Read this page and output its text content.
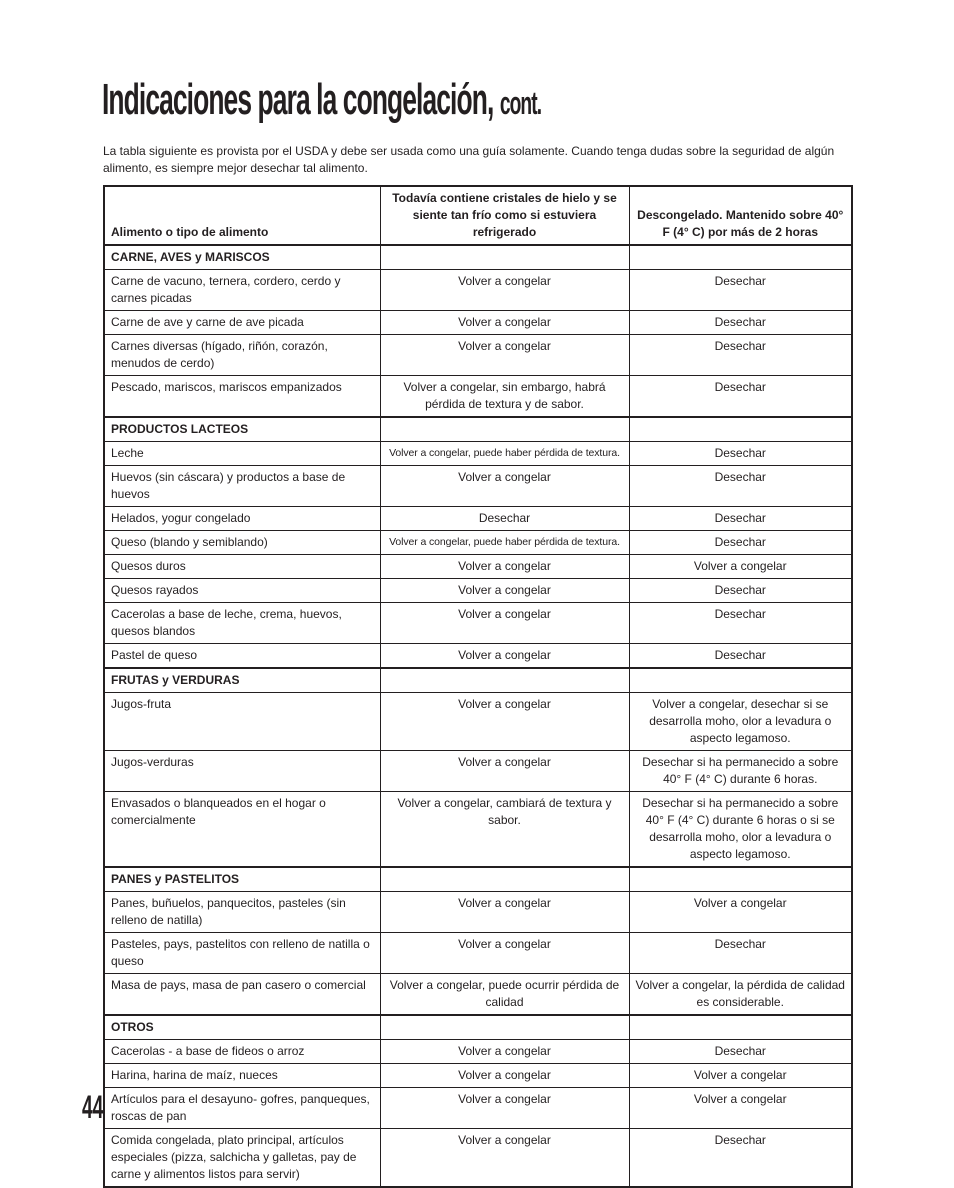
Indicaciones para la congelación, cont.

La tabla siguiente es provista por el USDA y debe ser usada como una guía solamente. Cuando tenga dudas sobre la seguridad de algún alimento, es siempre mejor desechar tal alimento.

Alimento o tipo de alimento	Todavía contiene cristales de hielo y se siente tan frío como si estuviera refrigerado	Descongelado. Mantenido sobre 40° F (4° C) por más de 2 horas
CARNE, AVES y MARISCOS		
Carne de vacuno, ternera, cordero, cerdo y carnes picadas	Volver a congelar	Desechar
Carne de ave y carne de ave picada	Volver a congelar	Desechar
Carnes diversas (hígado, riñón, corazón, menudos de cerdo)	Volver a congelar	Desechar
Pescado, mariscos, mariscos empanizados	Volver a congelar, sin embargo, habrá pérdida de textura y de sabor.	Desechar
PRODUCTOS LACTEOS		
Leche	Volver a congelar, puede haber pérdida de textura.	Desechar
Huevos (sin cáscara) y productos a base de huevos	Volver a congelar	Desechar
Helados, yogur congelado	Desechar	Desechar
Queso (blando y semiblando)	Volver a congelar, puede haber pérdida de textura.	Desechar
Quesos duros	Volver a congelar	Volver a congelar
Quesos rayados	Volver a congelar	Desechar
Cacerolas a base de leche, crema, huevos, quesos blandos	Volver a congelar	Desechar
Pastel de queso	Volver a congelar	Desechar
FRUTAS y VERDURAS		
Jugos-fruta	Volver a congelar	Volver a congelar, desechar si se desarrolla moho, olor a levadura o aspecto legamoso.
Jugos-verduras	Volver a congelar	Desechar si ha permanecido a sobre 40° F (4° C) durante 6 horas.
Envasados o blanqueados en el hogar o comercialmente	Volver a congelar, cambiará de textura y sabor.	Desechar si ha permanecido a sobre 40° F (4° C) durante 6 horas o si se desarrolla moho, olor a levadura o aspecto legamoso.
PANES y PASTELITOS		
Panes, buñuelos, panquecitos, pasteles (sin relleno de natilla)	Volver a congelar	Volver a congelar
Pasteles, pays, pastelitos con relleno de natilla o queso	Volver a congelar	Desechar
Masa de pays, masa de pan casero o comercial	Volver a congelar, puede ocurrir pérdida de calidad	Volver a congelar, la pérdida de calidad es considerable.
OTROS		
Cacerolas - a base de fideos o arroz	Volver a congelar	Desechar
Harina, harina de maíz, nueces	Volver a congelar	Volver a congelar
Artículos para el desayuno- gofres, panqueques, roscas de pan	Volver a congelar	Volver a congelar
Comida congelada, plato principal, artículos especiales (pizza, salchicha y galletas, pay de carne y alimentos listos para servir)	Volver a congelar	Desechar
44
